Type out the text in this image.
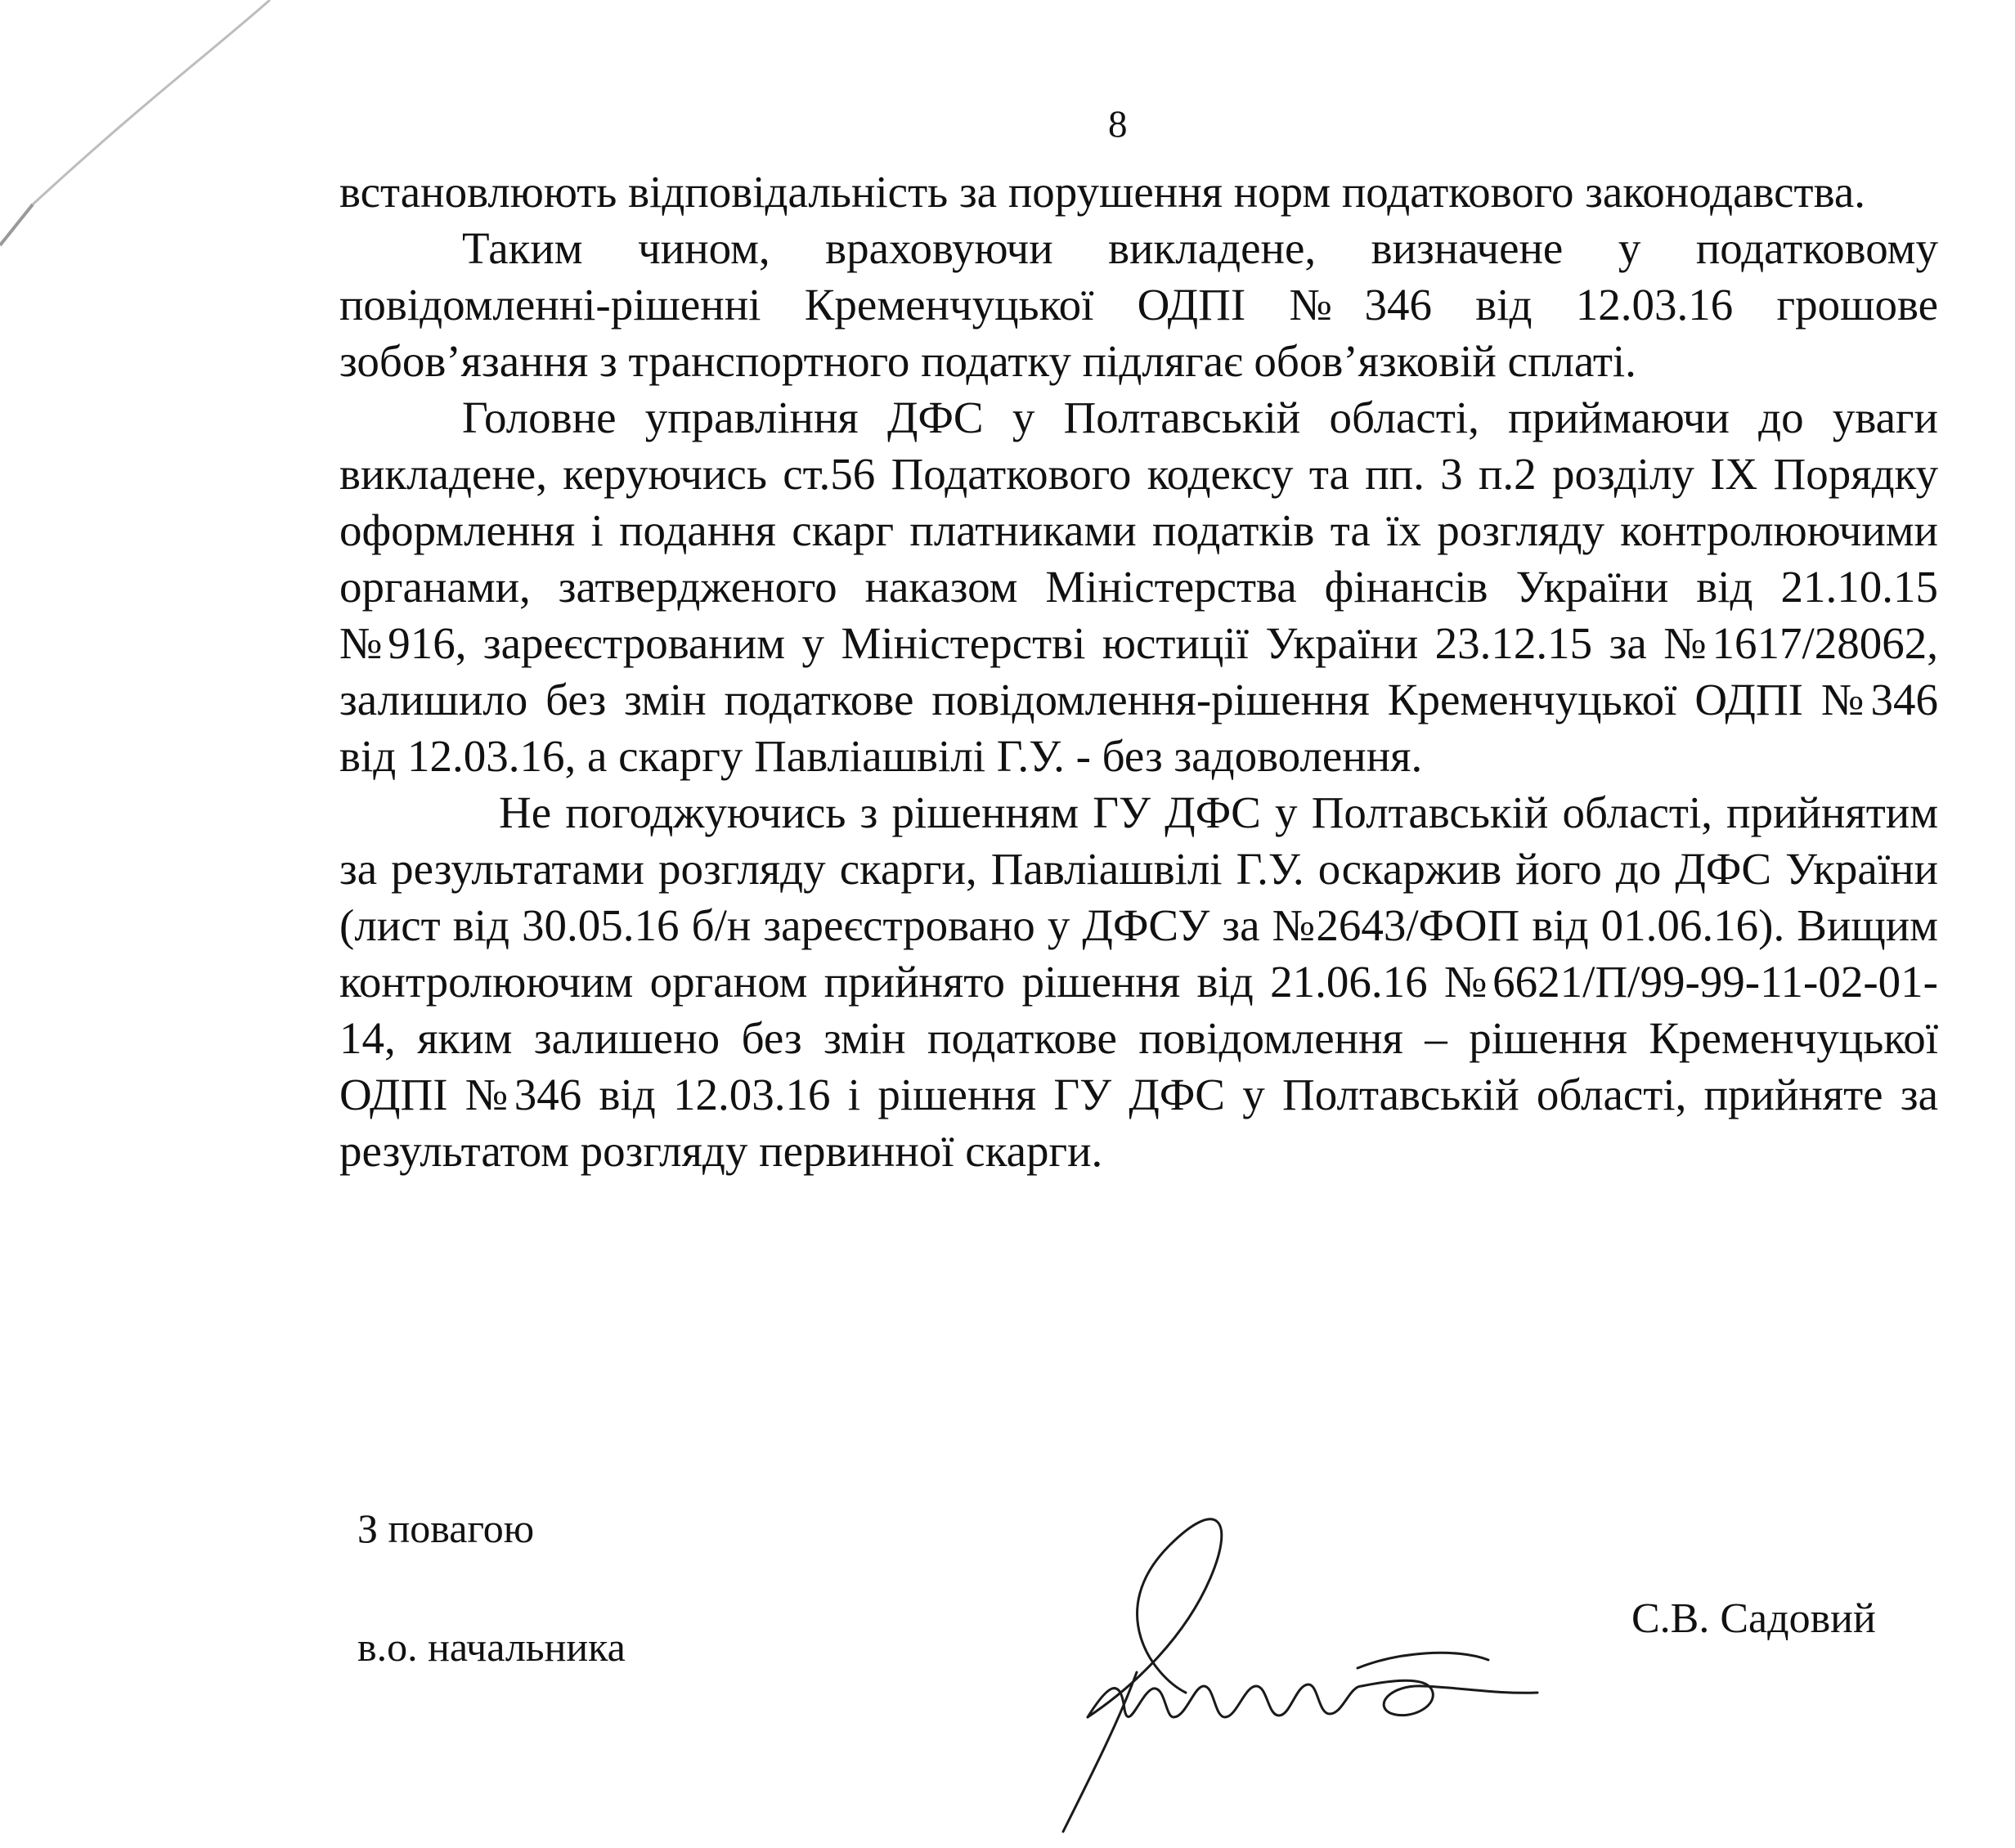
8

встановлюють відповідальність за порушення норм податкового законодавства.

Таким чином, враховуючи викладене, визначене у податковому повідомленні-рішенні Кременчуцької ОДПІ №346 від 12.03.16 грошове зобов’язання з транспортного податку підлягає обов’язковій сплаті.

Головне управління ДФС у Полтавській області, приймаючи до уваги викладене, керуючись ст.56 Податкового кодексу та пп. 3 п.2 розділу IX Порядку оформлення і подання скарг платниками податків та їх розгляду контролюючими органами, затвердженого наказом Міністерства фінансів України від 21.10.15 №916, зареєстрованим у Міністерстві юстиції України 23.12.15 за №1617/28062, залишило без змін податкове повідомлення-рішення Кременчуцької ОДПІ №346 від 12.03.16, а скаргу Павліашвілі Г.У. - без задоволення.

Не погоджуючись з рішенням ГУ ДФС у Полтавській області, прийнятим за результатами розгляду скарги, Павліашвілі Г.У. оскаржив його до ДФС України (лист від 30.05.16 б/н зареєстровано у ДФСУ за №2643/ФОП від 01.06.16). Вищим контролюючим органом прийнято рішення від 21.06.16 №6621/П/99-99-11-02-01-14, яким залишено без змін податкове повідомлення – рішення Кременчуцької ОДПІ №346 від 12.03.16 і рішення ГУ ДФС у Полтавській області, прийняте за результатом розгляду первинної скарги.

З повагою
в.о. начальника
С.В. Садовий
